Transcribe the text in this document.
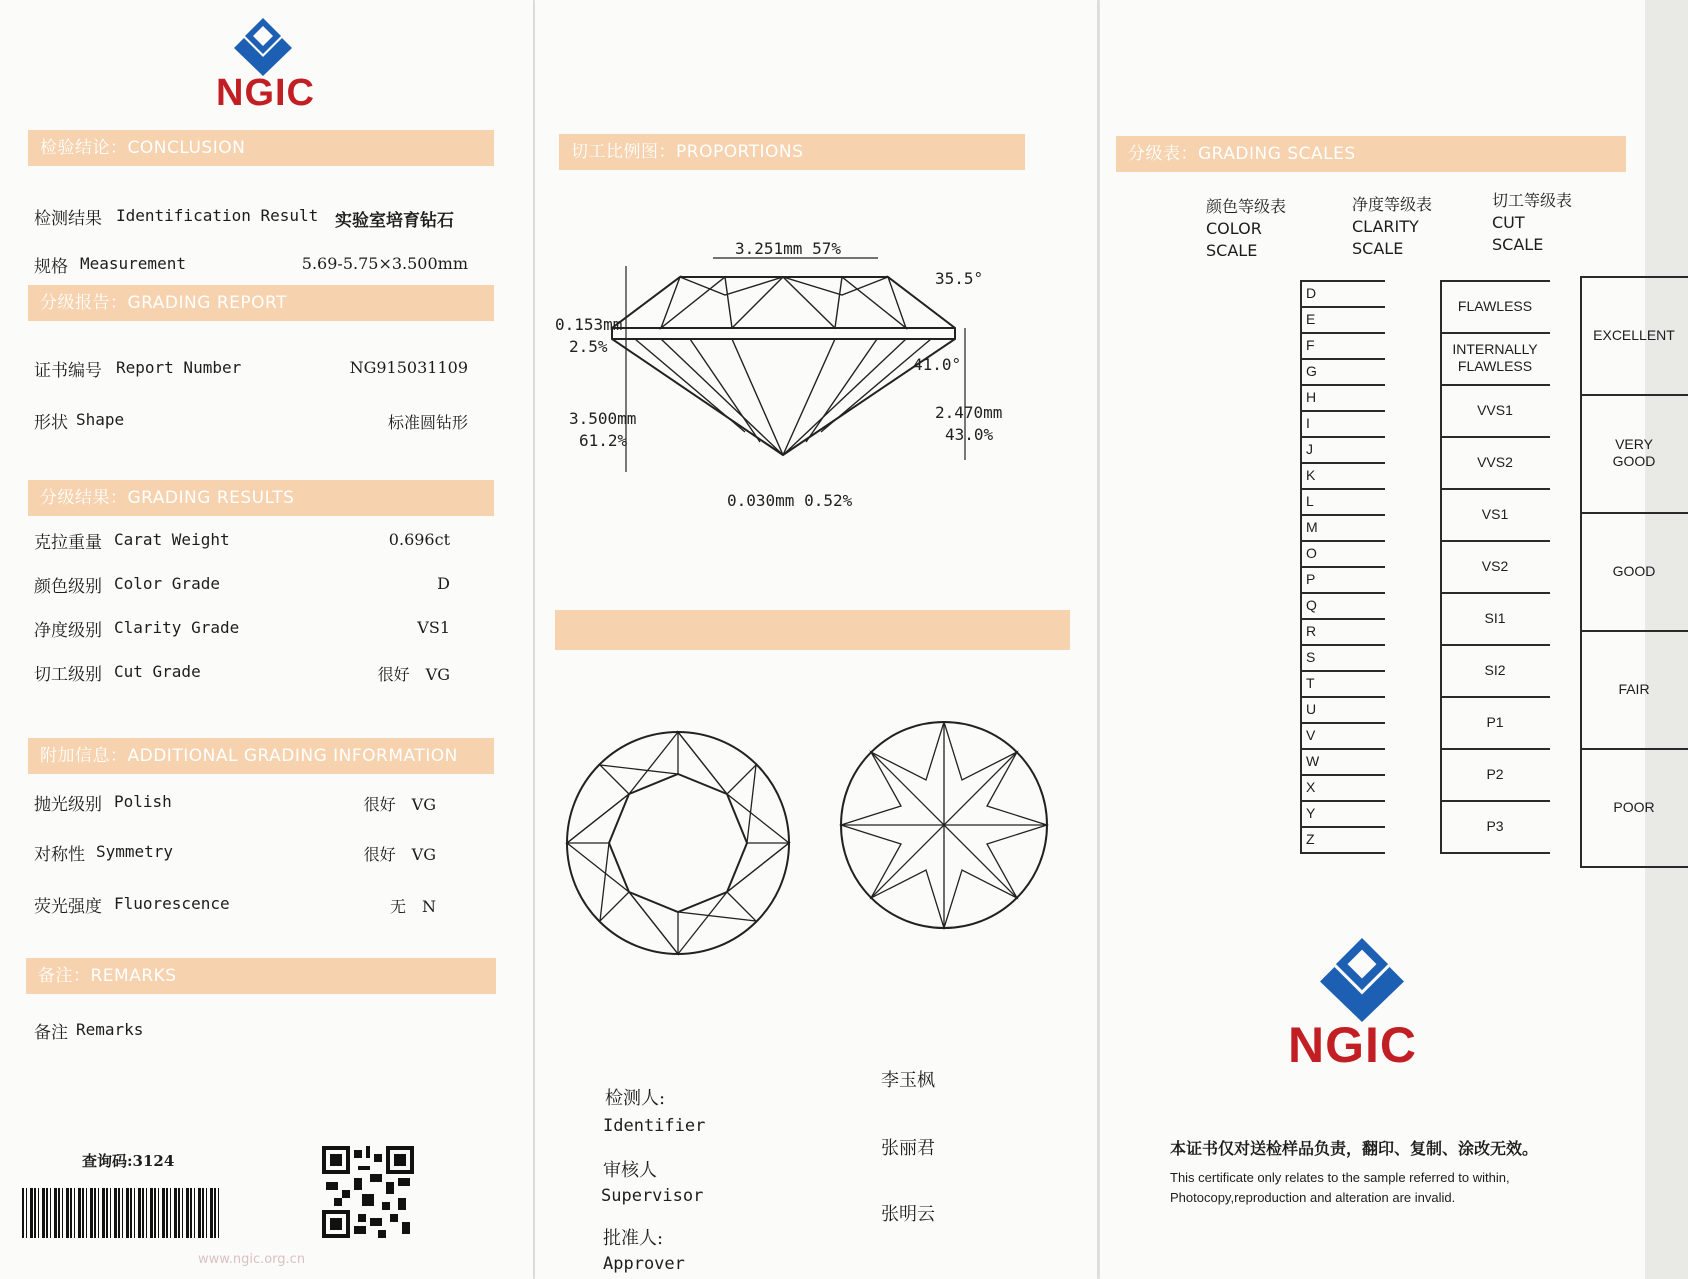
NGIC
检验结论：CONCLUSION
检测结果 Identification Result 实验室培育钻石
规格 Measurement	5.69-5.75×3.500mm
分级报告：GRADING REPORT
证书编号 Report Number	NG915031109
形状 Shape	标准圆钻形
分级结果：GRADING RESULTS
克拉重量 Carat Weight	0.696ct
颜色级别 Color Grade	D
净度级别 Clarity Grade	VS1
切工级别 Cut Grade	很好　VG
附加信息：ADDITIONAL GRADING INFORMATION
抛光级别 Polish	很好　VG
对称性 Symmetry	很好　VG
荧光强度 Fluorescence	无　N
备注：REMARKS
备注 Remarks
查询码:3124
www.ngic.org.cn
切工比例图：PROPORTIONS
3.251mm 57%
35.5°
0.153mm
2.5%
41.0°
3.500mm
61.2%
2.470mm
43.0%
0.030mm 0.52%
检测人:
Identifier
李玉枫
审核人
Supervisor
张丽君
批准人:
Approver
张明云
分级表：GRADING SCALES
颜色等级表
COLOR
SCALE
净度等级表
CLARITY
SCALE
切工等级表
CUT
SCALE
NGIC
本证书仅对送检样品负责，翻印、复制、涂改无效。
This certificate only relates to the sample referred to within,
Photocopy,reproduction and alteration are invalid.
D
E
F
G
H
I
J
K
L
M
O
P
Q
R
S
T
U
V
W
X
Y
Z
FLAWLESS
INTERNALLY
FLAWLESS
VVS1
VVS2
VS1
VS2
SI1
SI2
P1
P2
P3
EXCELLENT
VERY
GOOD
GOOD
FAIR
POOR
